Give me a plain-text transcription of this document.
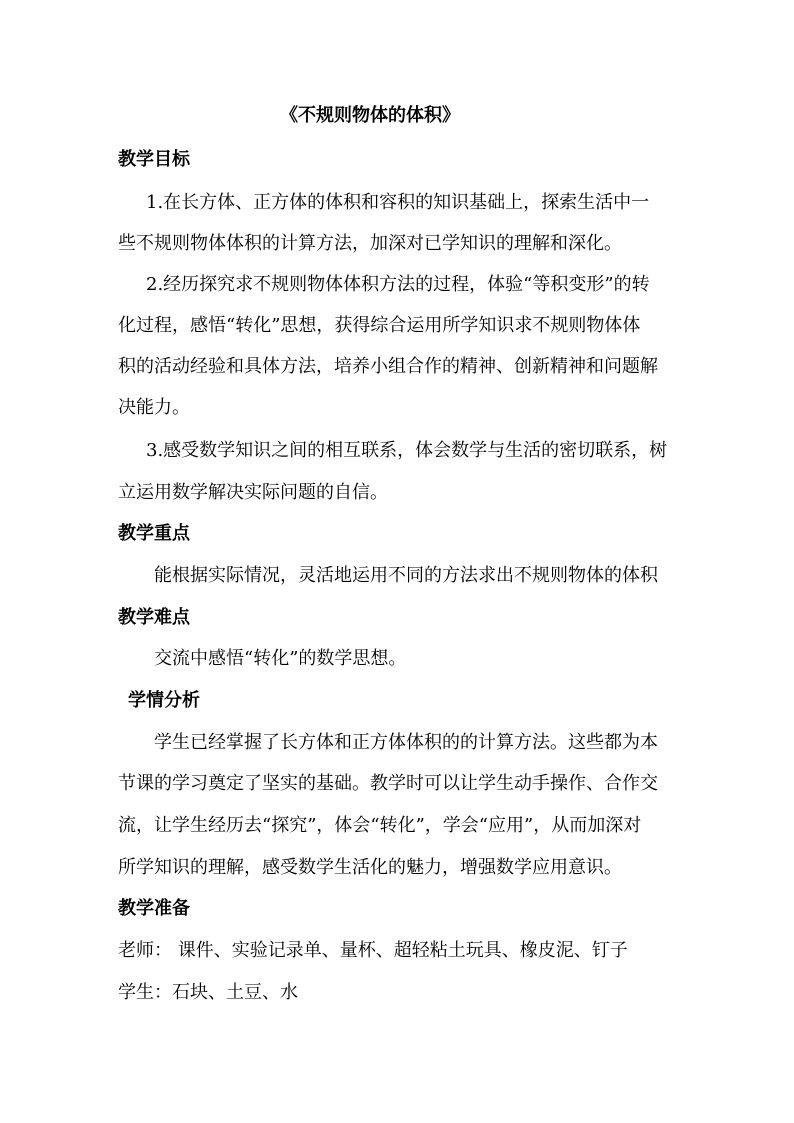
《不规则物体的体积》
教学目标
1.在长方体、正方体的体积和容积的知识基础上，探索生活中一
些不规则物体体积的计算方法，加深对已学知识的理解和深化。
2.经历探究求不规则物体体积方法的过程，体验“等积变形”的转
化过程，感悟“转化”思想，获得综合运用所学知识求不规则物体体
积的活动经验和具体方法，培养小组合作的精神、创新精神和问题解
决能力。
3.感受数学知识之间的相互联系，体会数学与生活的密切联系，树
立运用数学解决实际问题的自信。
教学重点
能根据实际情况，灵活地运用不同的方法求出不规则物体的体积
教学难点
交流中感悟“转化”的数学思想。
学情分析
学生已经掌握了长方体和正方体体积的的计算方法。这些都为本
节课的学习奠定了坚实的基础。教学时可以让学生动手操作、合作交
流，让学生经历去“探究”，体会“转化”，学会“应用”，从而加深对
所学知识的理解，感受数学生活化的魅力，增强数学应用意识。
教学准备
老师： 课件、实验记录单、量杯、超轻粘土玩具、橡皮泥、钉子
学生：石块、土豆、水
